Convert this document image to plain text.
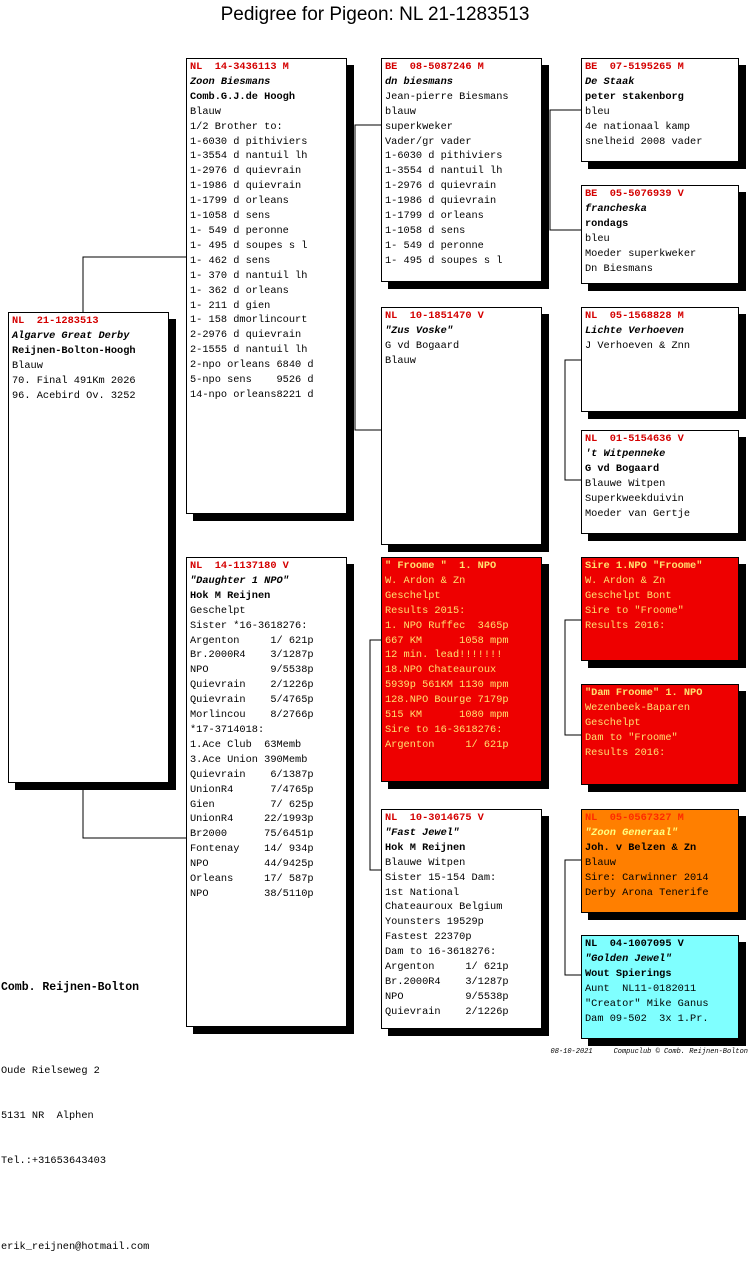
Pedigree for Pigeon: NL 21-1283513
NL  21-1283513
Algarve Great Derby
Reijnen-Bolton-Hoogh
Blauw
70. Final 491Km 2026
96. Acebird Ov. 3252
NL  14-3436113 M
Zoon Biesmans
Comb.G.J.de Hoogh
Blauw
1/2 Brother to:
1-6030 d pithiviers
1-3554 d nantuil lh
1-2976 d quievrain
1-1986 d quievrain
1-1799 d orleans
1-1058 d sens
1- 549 d peronne
1- 495 d soupes s l
1- 462 d sens
1- 370 d nantuil lh
1- 362 d orleans
1- 211 d gien
1- 158 dmorlincourt
2-2976 d quievrain
2-1555 d nantuil lh
2-npo orleans 6840 d
5-npo sens    9526 d
14-npo orleans8221 d
NL  14-1137180 V
"Daughter 1 NPO"
Hok M Reijnen
Geschelpt
Sister *16-3618276:
Argenton     1/ 621p
Br.2000R4    3/1287p
NPO          9/5538p
Quievrain    2/1226p
Quievrain    5/4765p
Morlincou    8/2766p
*17-3714018:
1.Ace Club  63Memb
3.Ace Union 390Memb
Quievrain    6/1387p
UnionR4      7/4765p
Gien         7/ 625p
UnionR4     22/1993p
Br2000      75/6451p
Fontenay    14/ 934p
NPO         44/9425p
Orleans     17/ 587p
NPO         38/5110p
BE  08-5087246 M
dn biesmans
Jean-pierre Biesmans
blauw
superkweker
Vader/gr vader
1-6030 d pithiviers
1-3554 d nantuil lh
1-2976 d quievrain
1-1986 d quievrain
1-1799 d orleans
1-1058 d sens
1- 549 d peronne
1- 495 d soupes s l
NL  10-1851470 V
"Zus Voske"
G vd Bogaard
Blauw
" Froome "  1. NPO
W. Ardon & Zn
Geschelpt
Results 2015:
1. NPO Ruffec  3465p
667 KM      1058 mpm
12 min. lead!!!!!!!
18.NPO Chateauroux
5939p 561KM 1130 mpm
128.NPO Bourge 7179p
515 KM      1080 mpm
Sire to 16-3618276:
Argenton     1/ 621p
NL  10-3014675 V
"Fast Jewel"
Hok M Reijnen
Blauwe Witpen
Sister 15-154 Dam:
1st National
Chateauroux Belgium
Younsters 19529p
Fastest 22370p
Dam to 16-3618276:
Argenton     1/ 621p
Br.2000R4    3/1287p
NPO          9/5538p
Quievrain    2/1226p
BE  07-5195265 M
De Staak
peter stakenborg
bleu
4e nationaal kamp
snelheid 2008 vader
BE  05-5076939 V
francheska
rondags
bleu
Moeder superkweker
Dn Biesmans
NL  05-1568828 M
Lichte Verhoeven
J Verhoeven & Znn
NL  01-5154636 V
't Witpenneke
G vd Bogaard
Blauwe Witpen
Superkweekduivin
Moeder van Gertje
Sire 1.NPO "Froome"
W. Ardon & Zn
Geschelpt Bont
Sire to "Froome"
Results 2016:
"Dam Froome" 1. NPO
Wezenbeek-Baparen
Geschelpt
Dam to "Froome"
Results 2016:
NL  05-0567327 M
"Zoon Generaal"
Joh. v Belzen & Zn
Blauw
Sire: Carwinner 2014
Derby Arona Tenerife
NL  04-1007095 V
"Golden Jewel"
Wout Spierings
Aunt  NL11-0182011
"Creator" Mike Ganus
Dam 09-502  3x 1.Pr.

Comb. Reijnen-Bolton

Oude Rielseweg 2

5131 NR  Alphen

Tel.:+31653643403

erik_reijnen@hotmail.com

08-10-2021	Compuclub © Comb. Reijnen-Bolton
